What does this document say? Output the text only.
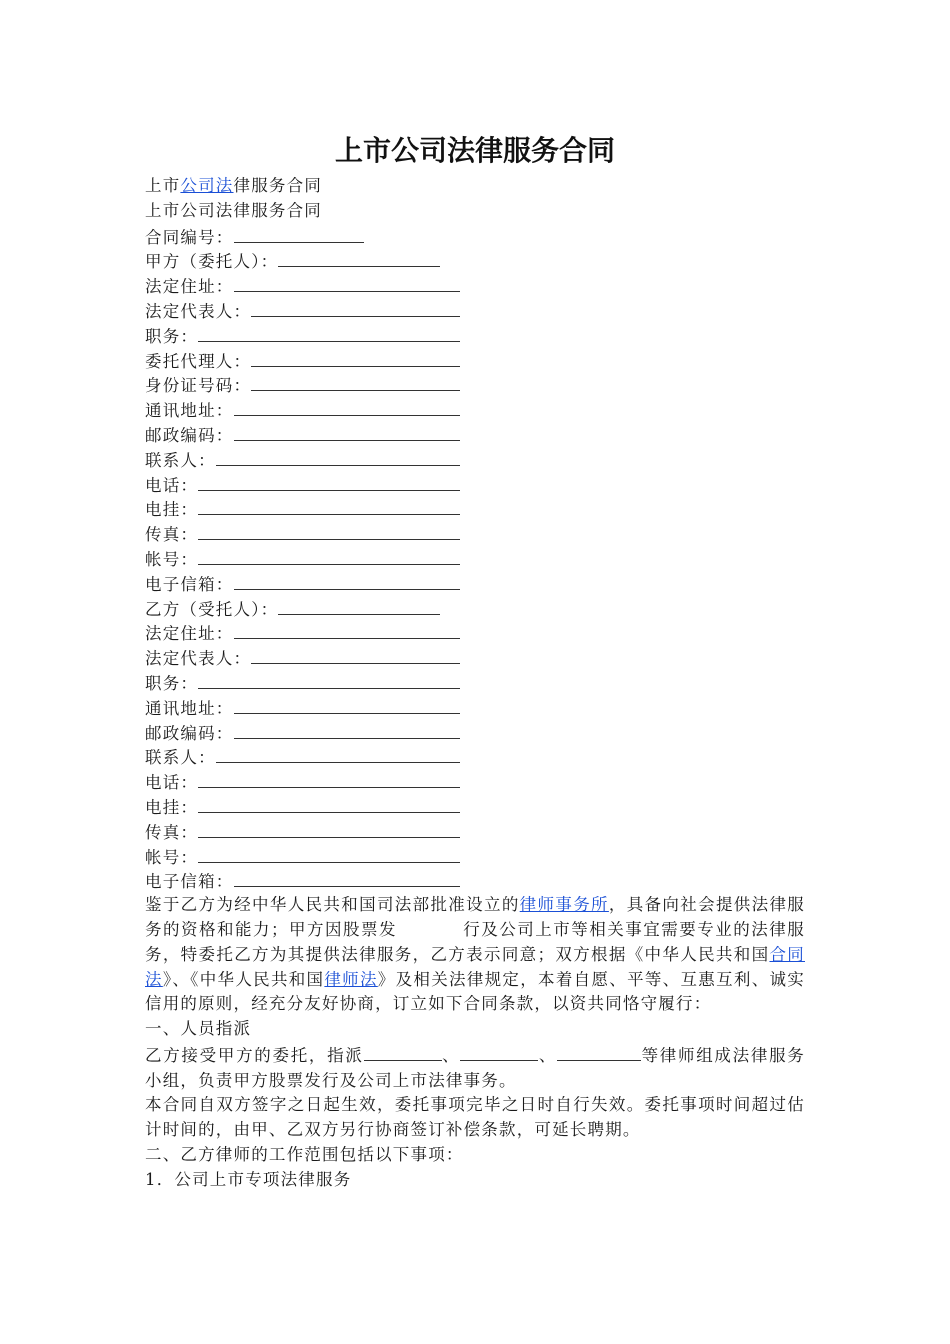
上市公司法律服务合同
上市公司法律服务合同
上市公司法律服务合同
合同编号：
甲方（委托人）：
法定住址：
法定代表人：
职务：
委托代理人：
身份证号码：
通讯地址：
邮政编码：
联系人：
电话：
电挂：
传真：
帐号：
电子信箱：
乙方（受托人）：
法定住址：
法定代表人：
职务：
通讯地址：
邮政编码：
联系人：
电话：
电挂：
传真：
帐号：
电子信箱：
鉴于乙方为经中华人民共和国司法部批准设立的律师事务所，具备向社会提供法律服务的资格和能力；甲方因股票发	行及公司上市等相关事宜需要专业的法律服务，特委托乙方为其提供法律服务，乙方表示同意；双方根据《中华人民共和国合同法》、《中华人民共和国律师法》及相关法律规定，本着自愿、平等、互惠互利、诚实信用的原则，经充分友好协商，订立如下合同条款，以资共同恪守履行：
一、人员指派
乙方接受甲方的委托，指派	、	、	等律师组成法律服务小组，负责甲方股票发行及公司上市法律事务。
本合同自双方签字之日起生效，委托事项完毕之日时自行失效。委托事项时间超过估计时间的，由甲、乙双方另行协商签订补偿条款，可延长聘期。
二、乙方律师的工作范围包括以下事项：
1．公司上市专项法律服务
